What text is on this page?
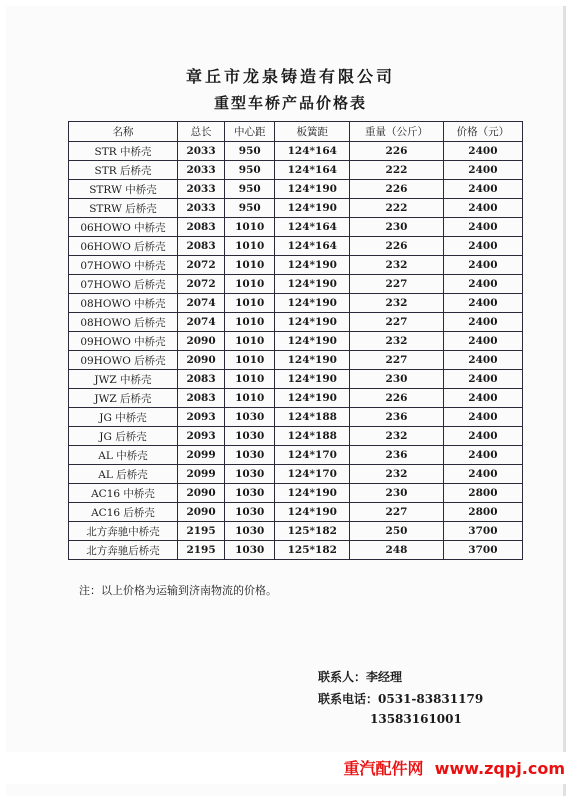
章丘市龙泉铸造有限公司
重型车桥产品价格表
名称	总长	中心距	板簧距	重量（公斤）	价格（元）
STR 中桥壳	2033	950	124*164	226	2400
STR 后桥壳	2033	950	124*164	222	2400
STRW 中桥壳	2033	950	124*190	226	2400
STRW 后桥壳	2033	950	124*190	222	2400
06HOWO 中桥壳	2083	1010	124*164	230	2400
06HOWO 后桥壳	2083	1010	124*164	226	2400
07HOWO 中桥壳	2072	1010	124*190	232	2400
07HOWO 后桥壳	2072	1010	124*190	227	2400
08HOWO 中桥壳	2074	1010	124*190	232	2400
08HOWO 后桥壳	2074	1010	124*190	227	2400
09HOWO 中桥壳	2090	1010	124*190	232	2400
09HOWO 后桥壳	2090	1010	124*190	227	2400
JWZ 中桥壳	2083	1010	124*190	230	2400
JWZ 后桥壳	2083	1010	124*190	226	2400
JG 中桥壳	2093	1030	124*188	236	2400
JG 后桥壳	2093	1030	124*188	232	2400
AL 中桥壳	2099	1030	124*170	236	2400
AL 后桥壳	2099	1030	124*170	232	2400
AC16 中桥壳	2090	1030	124*190	230	2800
AC16 后桥壳	2090	1030	124*190	227	2800
北方奔驰中桥壳	2195	1030	125*182	250	3700
北方奔驰后桥壳	2195	1030	125*182	248	3700
注：以上价格为运输到济南物流的价格。
联系人：李经理
联系电话：0531-83831179
13583161001
重汽配件网 www.zqpj.com
